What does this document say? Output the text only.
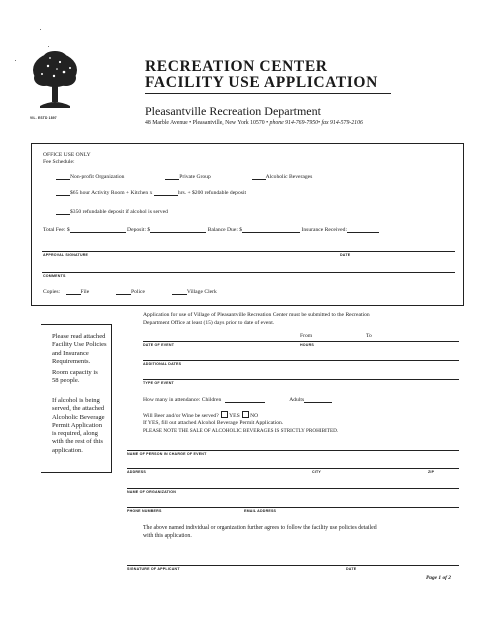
VIL. ESTD 1897
RECREATION CENTER
FACILITY USE APPLICATION
Pleasantville Recreation Department
48 Marble Avenue • Pleasantville, New York 10570 • phone 914-769-7950• fax 914-579-2106
OFFICE USE ONLY
Fee Schedule:
Non-profit Organization	Private Group	Alcoholic Beverages
$65 hour Activity Room + Kitchen x	hrs. + $200 refundable deposit
$350 refundable deposit if alcohol is served
Total Fee: $	Deposit: $	Balance Due: $	Insurance Received:
APPROVAL SIGNATURE	DATE
COMMENTS
Copies:	File	Police	Village Clerk
Please read attached
Facility Use Policies
and Insurance
Requirements.
Room capacity is
58 people.
If alcohol is being
served, the attached
Alcoholic Beverage
Permit Application
is required, along
with the rest of this
application.
Application for use of Village of Pleasantville Recreation Center must be submitted to the Recreation
Department Office at least (15) days prior to date of event.
From	To
DATE OF EVENT	HOURS
ADDITIONAL DATES
TYPE OF EVENT
How many in attendance: Children	Adults
Will Beer and/or Wine be served? YES NO
If YES, fill out attached Alcohol Beverage Permit Application.
PLEASE NOTE THE SALE OF ALCOHOLIC BEVERAGES IS STRICTLY PROHIBITED.
NAME OF PERSON IN CHARGE OF EVENT
ADDRESS	CITY	ZIP
NAME OF ORGANIZATION
PHONE NUMBERS	EMAIL ADDRESS
The above named individual or organization further agrees to follow the facility use policies detailed
with this application.
SIGNATURE OF APPLICANT	DATE
Page 1 of 2
